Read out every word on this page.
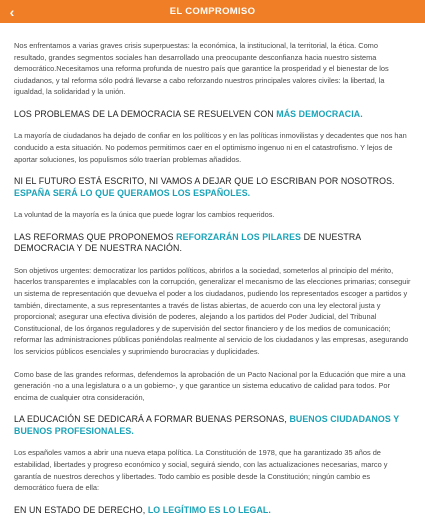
‹	EL COMPROMISO

Nos enfrentamos a varias graves crisis superpuestas: la económica, la institucional, la territorial, la ética. Como resultado, grandes segmentos sociales han desarrollado una preocupante desconfianza hacia nuestro sistema democrático.Necesitamos una reforma profunda de nuestro país que garantice la prosperidad y el bienestar de los ciudadanos, y tal reforma sólo podrá llevarse a cabo reforzando nuestros principales valores civiles: la libertad, la igualdad, la solidaridad y la unión.

LOS PROBLEMAS DE LA DEMOCRACIA SE RESUELVEN CON MÁS DEMOCRACIA.

La mayoría de ciudadanos ha dejado de confiar en los políticos y en las políticas inmovilistas y decadentes que nos han conducido a esta situación. No podemos permitirnos caer en el optimismo ingenuo ni en el catastrofismo. Y lejos de aportar soluciones, los populismos sólo traerían problemas añadidos.

NI EL FUTURO ESTÁ ESCRITO, NI VAMOS A DEJAR QUE LO ESCRIBAN POR NOSOTROS.
ESPAÑA SERÁ LO QUE QUERAMOS LOS ESPAÑOLES.

La voluntad de la mayoría es la única que puede lograr los cambios requeridos.

LAS REFORMAS QUE PROPONEMOS REFORZARÁN LOS PILARES DE NUESTRA DEMOCRACIA Y DE NUESTRA NACIÓN.

Son objetivos urgentes: democratizar los partidos políticos, abrirlos a la sociedad, someterlos al principio del mérito, hacerlos transparentes e implacables con la corrupción, generalizar el mecanismo de las elecciones primarias; conseguir un sistema de representación que devuelva el poder a los ciudadanos, pudiendo los representados escoger a partidos y también, directamente, a sus representantes a través de listas abiertas, de acuerdo con una ley electoral justa y proporcional; asegurar una efectiva división de poderes, alejando a los partidos del Poder Judicial, del Tribunal Constitucional, de los órganos reguladores y de supervisión del sector financiero y de los medios de comunicación; reformar las administraciones públicas poniéndolas realmente al servicio de los ciudadanos y las empresas, asegurando los servicios públicos esenciales y suprimiendo burocracias y duplicidades.

Como base de las grandes reformas, defendemos la aprobación de un Pacto Nacional por la Educación que mire a una generación -no a una legislatura o a un gobierno-, y que garantice un sistema educativo de calidad para todos. Por encima de cualquier otra consideración,

LA EDUCACIÓN SE DEDICARÁ A FORMAR BUENAS PERSONAS, BUENOS CIUDADANOS Y BUENOS PROFESIONALES.

Los españoles vamos a abrir una nueva etapa política. La Constitución de 1978, que ha garantizado 35 años de estabilidad, libertades y progreso económico y social, seguirá siendo, con las actualizaciones necesarias, marco y garantía de nuestros derechos y libertades. Todo cambio es posible desde la Constitución; ningún cambio es democrático fuera de ella:

EN UN ESTADO DE DERECHO, LO LEGÍTIMO ES LO LEGAL.
